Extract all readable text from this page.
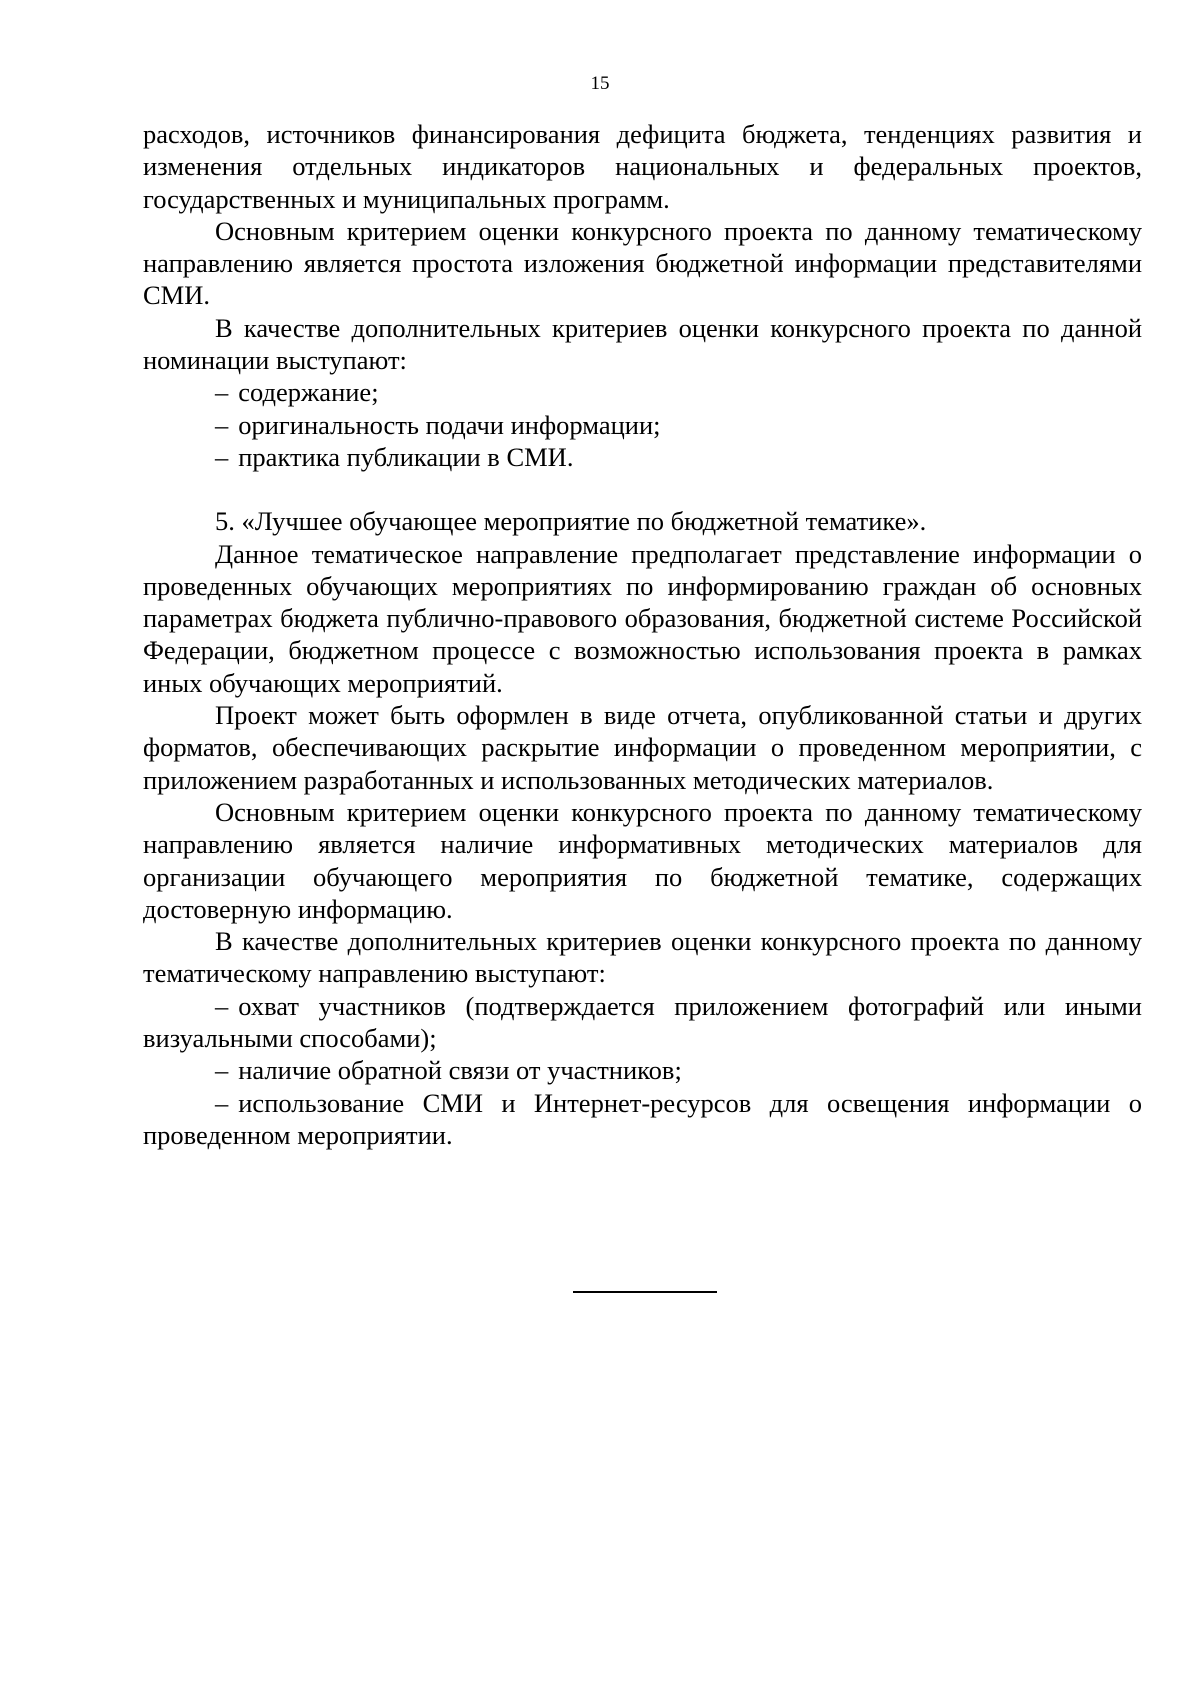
15

расходов, источников финансирования дефицита бюджета, тенденциях развития и изменения отдельных индикаторов национальных и федеральных проектов, государственных и муниципальных программ.

Основным критерием оценки конкурсного проекта по данному тематическому направлению является простота изложения бюджетной информации представителями СМИ.

В качестве дополнительных критериев оценки конкурсного проекта по данной номинации выступают:

– содержание;

– оригинальность подачи информации;

– практика публикации в СМИ.

5. «Лучшее обучающее мероприятие по бюджетной тематике».

Данное тематическое направление предполагает представление информации о проведенных обучающих мероприятиях по информированию граждан об основных параметрах бюджета публично-правового образования, бюджетной системе Российской Федерации, бюджетном процессе с возможностью использования проекта в рамках иных обучающих мероприятий.

Проект может быть оформлен в виде отчета, опубликованной статьи и других форматов, обеспечивающих раскрытие информации о проведенном мероприятии, с приложением разработанных и использованных методических материалов.

Основным критерием оценки конкурсного проекта по данному тематическому направлению является наличие информативных методических материалов для организации обучающего мероприятия по бюджетной тематике, содержащих достоверную информацию.

В качестве дополнительных критериев оценки конкурсного проекта по данному тематическому направлению выступают:

– охват участников (подтверждается приложением фотографий или иными визуальными способами);

– наличие обратной связи от участников;

– использование СМИ и Интернет-ресурсов для освещения информации о проведенном мероприятии.
